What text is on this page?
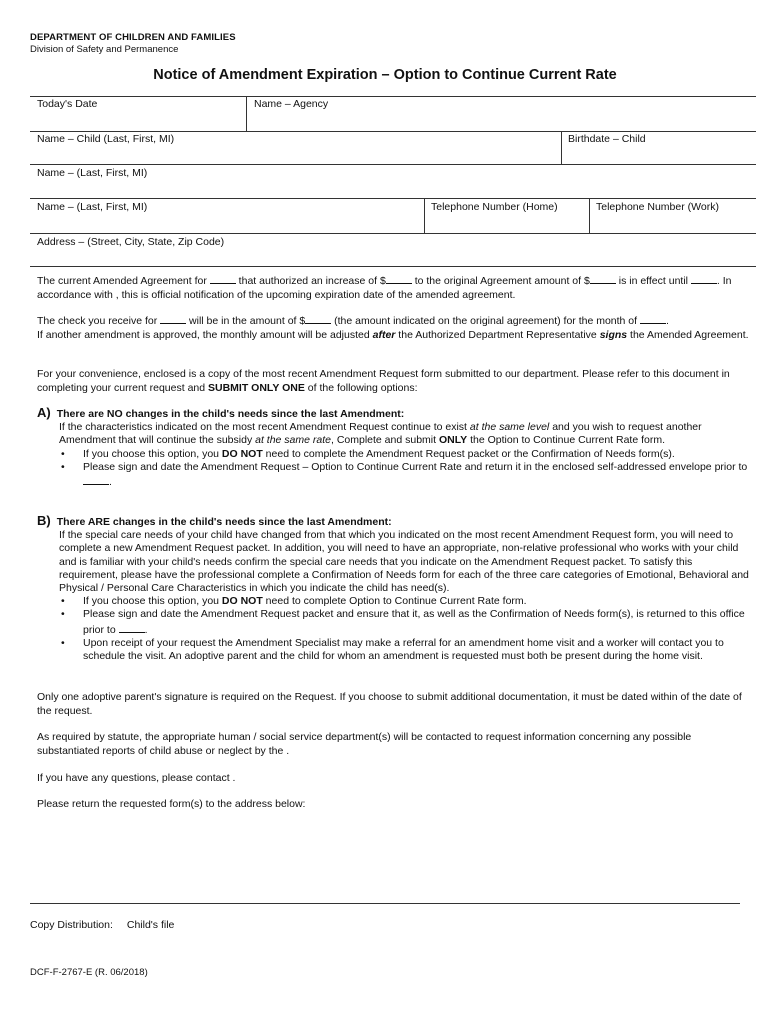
DEPARTMENT OF CHILDREN AND FAMILIES
Division of Safety and Permanence
Notice of Amendment Expiration – Option to Continue Current Rate
Today's Date	Name – Agency
Name – Child (Last, First, MI)	Birthdate – Child
Name – (Last, First, MI)
Name – (Last, First, MI)	Telephone Number (Home)	Telephone Number (Work)
Address – (Street, City, State, Zip Code)
The current Amended Agreement for  that authorized an increase of $ to the original Agreement amount of $ is in effect until . In accordance with , this is official notification of the upcoming expiration date of the amended agreement.
The check you receive for  will be in the amount of $ (the amount indicated on the original agreement) for the month of .
If another amendment is approved, the monthly amount will be adjusted after the Authorized Department Representative signs the Amended Agreement.
For your convenience, enclosed is a copy of the most recent Amendment Request form submitted to our department. Please refer to this document in completing your current request and SUBMIT ONLY ONE of the following options:
A) There are NO changes in the child's needs since the last Amendment:
If the characteristics indicated on the most recent Amendment Request continue to exist at the same level and you wish to request another Amendment that will continue the subsidy at the same rate, Complete and submit ONLY the Option to Continue Current Rate form.
• If you choose this option, you DO NOT need to complete the Amendment Request packet or the Confirmation of Needs form(s).
• Please sign and date the Amendment Request – Option to Continue Current Rate and return it in the enclosed self-addressed envelope prior to .
B) There ARE changes in the child's needs since the last Amendment:
If the special care needs of your child have changed from that which you indicated on the most recent Amendment Request form, you will need to complete a new Amendment Request packet. In addition, you will need to have an appropriate, non-relative professional who works with your child and is familiar with your child's needs confirm the special care needs that you indicate on the Amendment Request packet. To satisfy this requirement, please have the professional complete a Confirmation of Needs form for each of the three care categories of Emotional, Behavioral and Physical / Personal Care Characteristics in which you indicate the child has need(s).
• If you choose this option, you DO NOT need to complete Option to Continue Current Rate form.
• Please sign and date the Amendment Request packet and ensure that it, as well as the Confirmation of Needs form(s), is returned to this office prior to .
• Upon receipt of your request the Amendment Specialist may make a referral for an amendment home visit and a worker will contact you to schedule the visit. An adoptive parent and the child for whom an amendment is requested must both be present during the home visit.
Only one adoptive parent's signature is required on the Request. If you choose to submit additional documentation, it must be dated within of the date of the request.
As required by statute, the appropriate human / social service department(s) will be contacted to request information concerning any possible substantiated reports of child abuse or neglect by the .
If you have any questions, please contact .
Please return the requested form(s) to the address below:
Copy Distribution: Child's file
DCF-F-2767-E (R. 06/2018)
